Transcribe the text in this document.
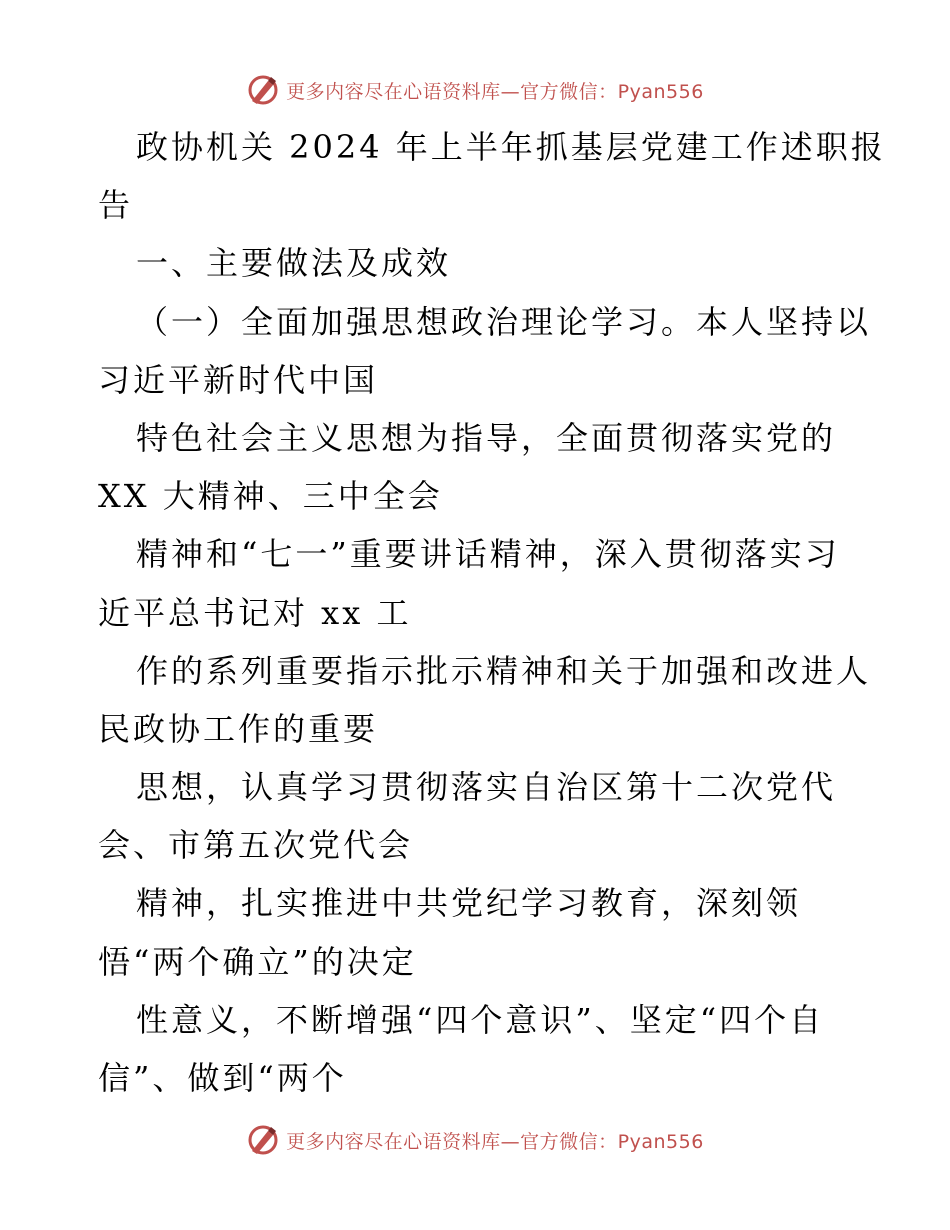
更多内容尽在心语资料库—官方微信：Pyan556
政协机关 2024 年上半年抓基层党建工作述职报
告
一、主要做法及成效
（一）全面加强思想政治理论学习。本人坚持以
习近平新时代中国
特色社会主义思想为指导，全面贯彻落实党的
XX 大精神、三中全会
精神和“七一”重要讲话精神，深入贯彻落实习
近平总书记对 xx 工
作的系列重要指示批示精神和关于加强和改进人
民政协工作的重要
思想，认真学习贯彻落实自治区第十二次党代
会、市第五次党代会
精神，扎实推进中共党纪学习教育，深刻领
悟“两个确立”的决定
性意义，不断增强“四个意识”、坚定“四个自
信”、做到“两个
更多内容尽在心语资料库—官方微信：Pyan556
